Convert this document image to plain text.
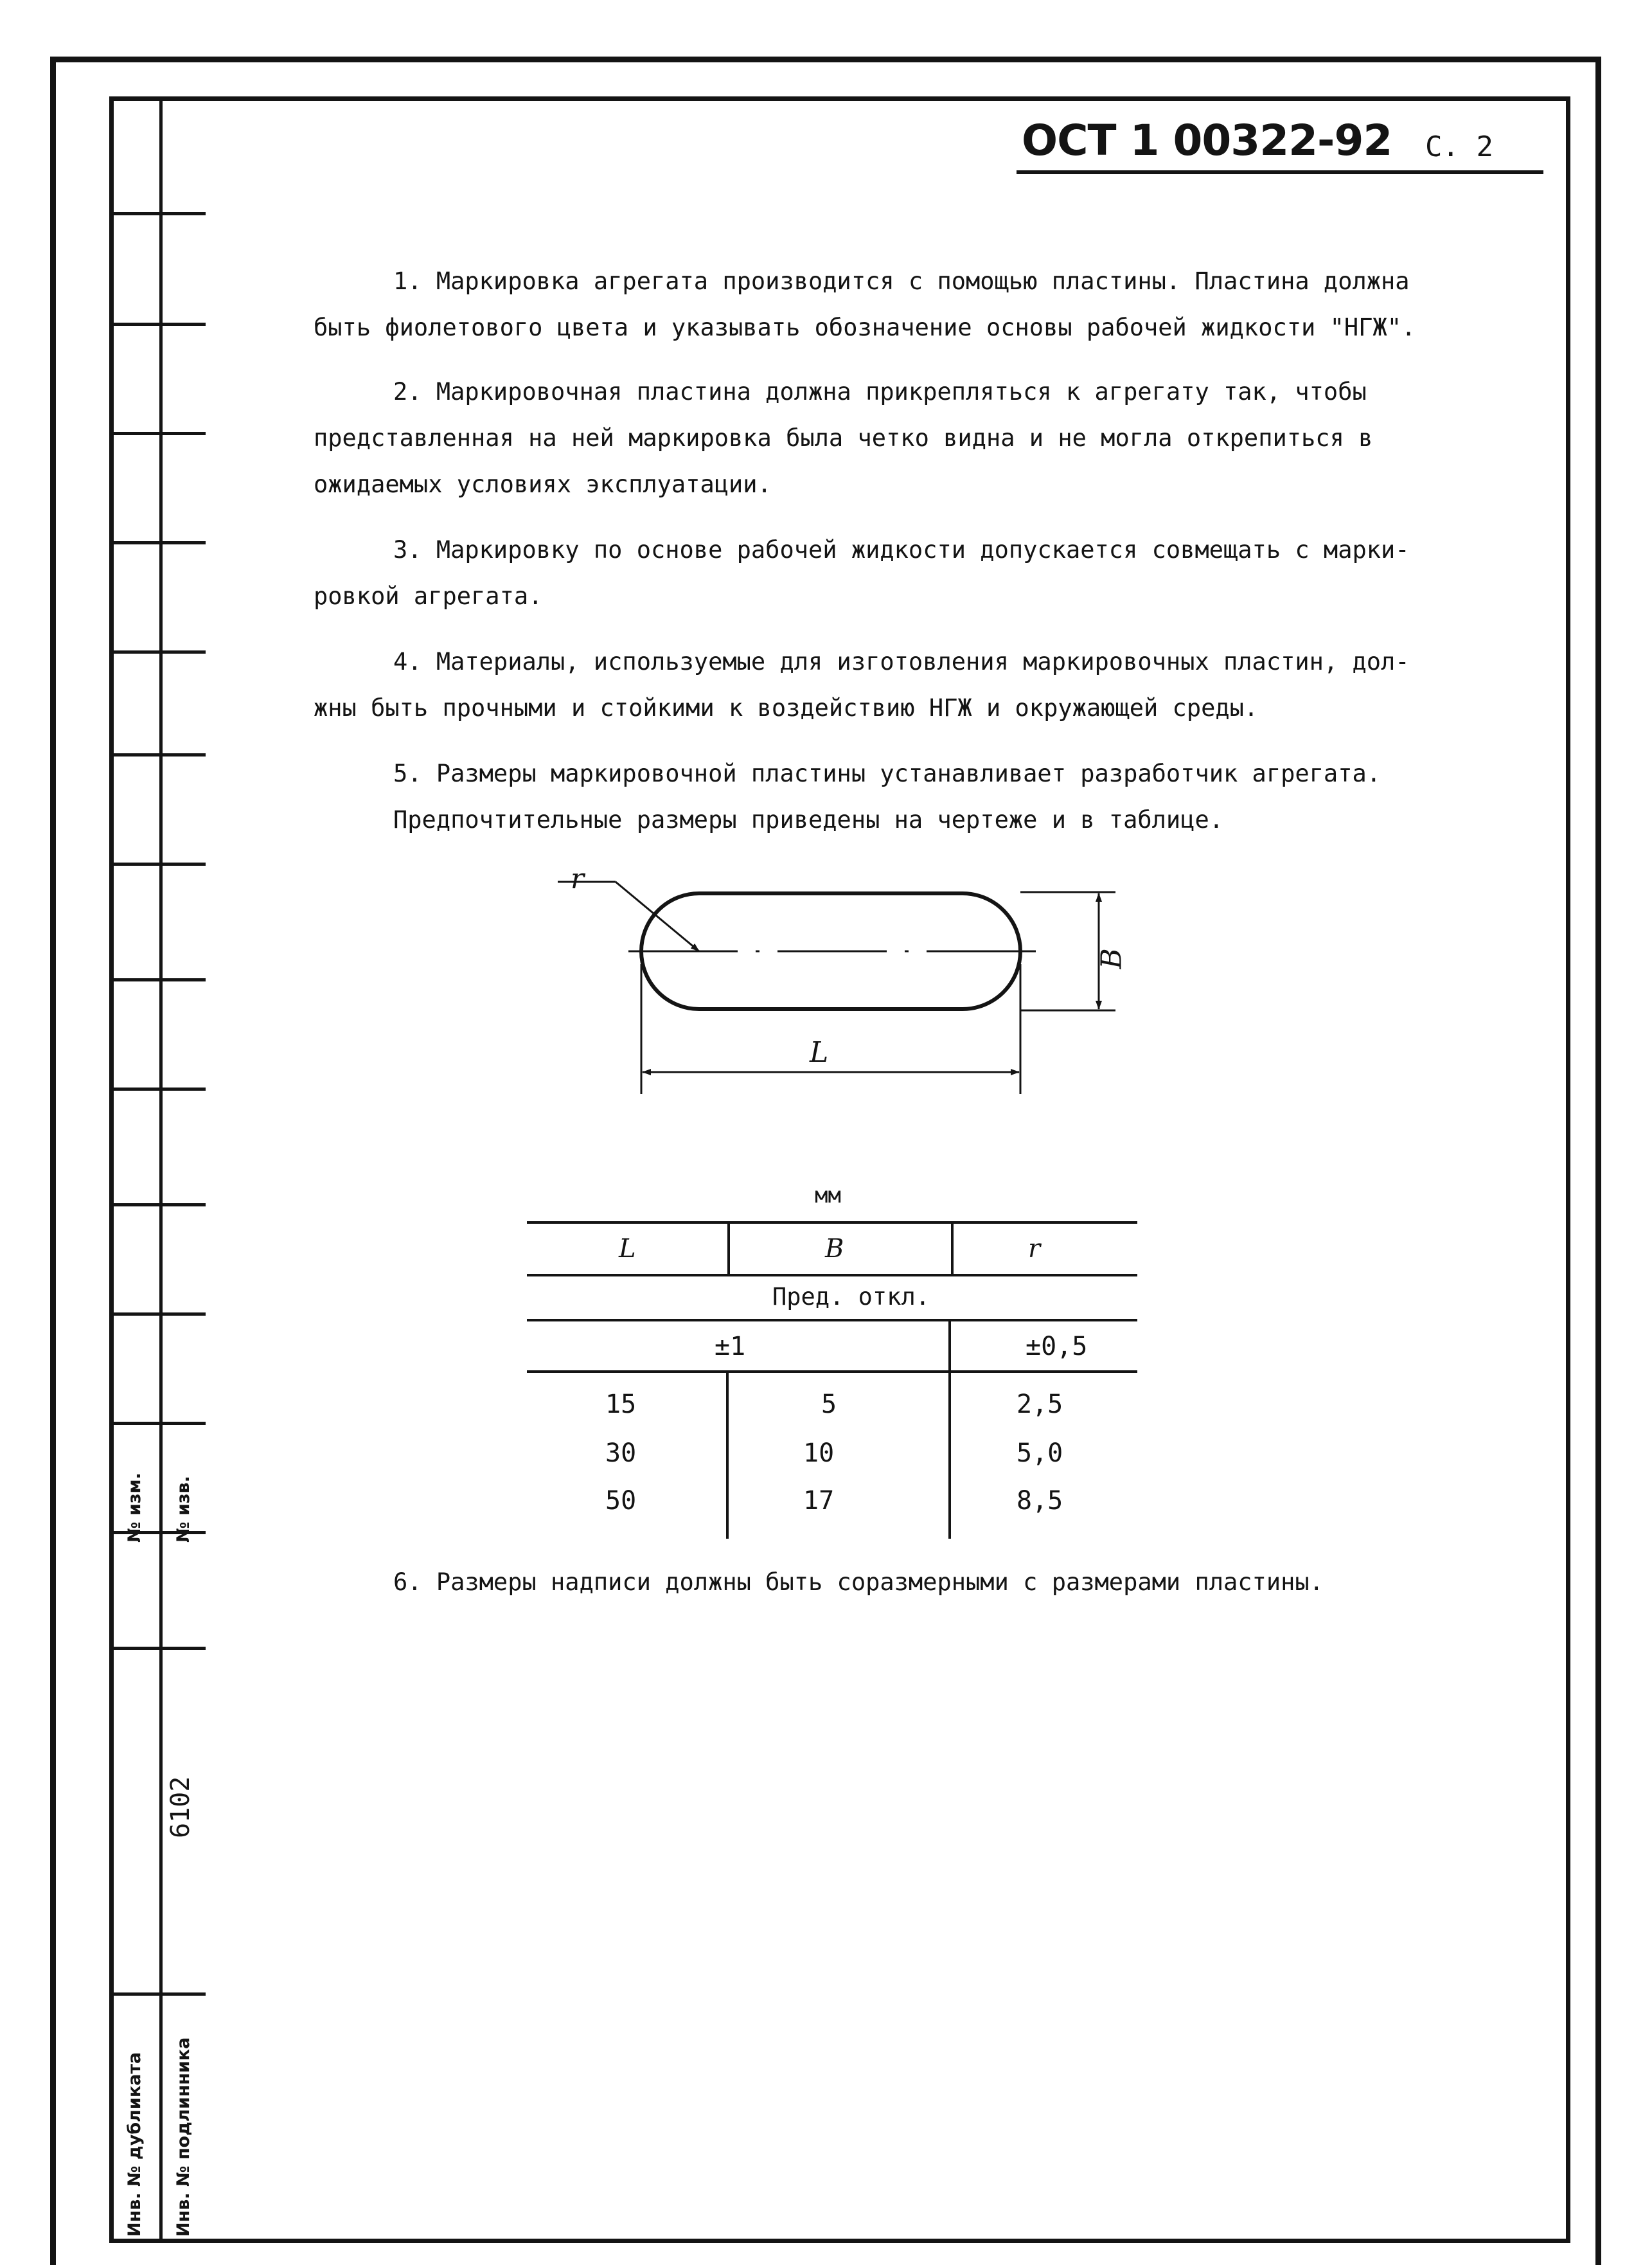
№ изм. № изв.
6102
Инв. № дубликата Инв. № подлинника
ОСТ 1 00322-92 С. 2
1. Маркировка агрегата производится с помощью пластины. Пластина должна
быть фиолетового цвета и указывать обозначение основы рабочей жидкости "НГЖ".
2. Маркировочная пластина должна прикрепляться к агрегату так, чтобы
представленная на ней маркировка была четко видна и не могла открепиться в
ожидаемых условиях эксплуатации.
3. Маркировку по основе рабочей жидкости допускается совмещать с марки-
ровкой агрегата.
4. Материалы, используемые для изготовления маркировочных пластин, дол-
жны быть прочными и стойкими к воздействию НГЖ и окружающей среды.
5. Размеры маркировочной пластины устанавливает разработчик агрегата.
Предпочтительные размеры приведены на чертеже и в таблице.
r
B
L
мм
L	B	r
Пред. откл.
±1	±0,5
15	5	2,5
30	10	5,0
50	17	8,5
6. Размеры надписи должны быть соразмерными с размерами пластины.
